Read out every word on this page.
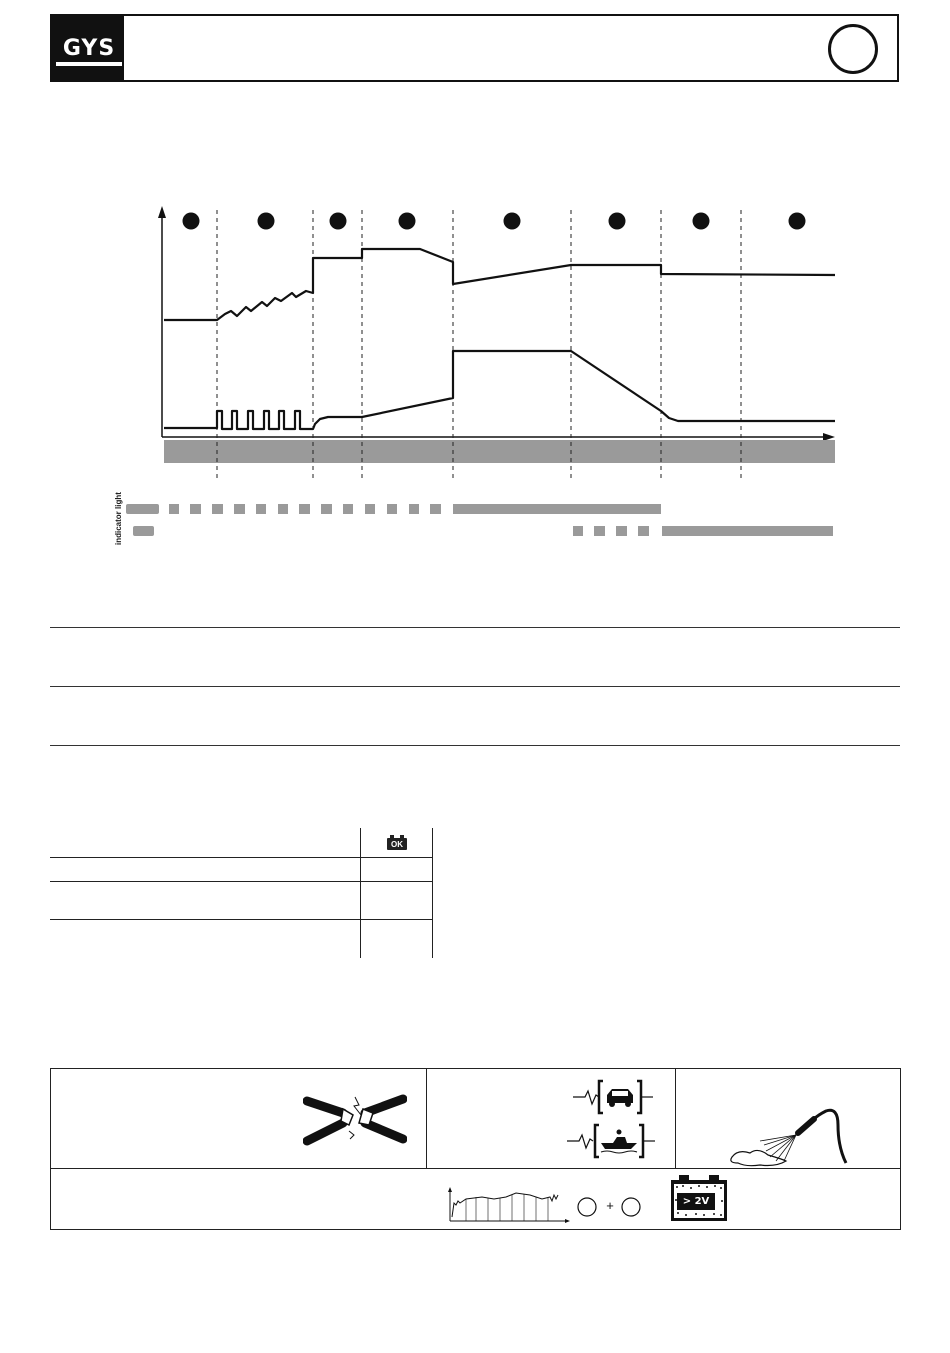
GYS
indicator light
OK
+	> 2V
